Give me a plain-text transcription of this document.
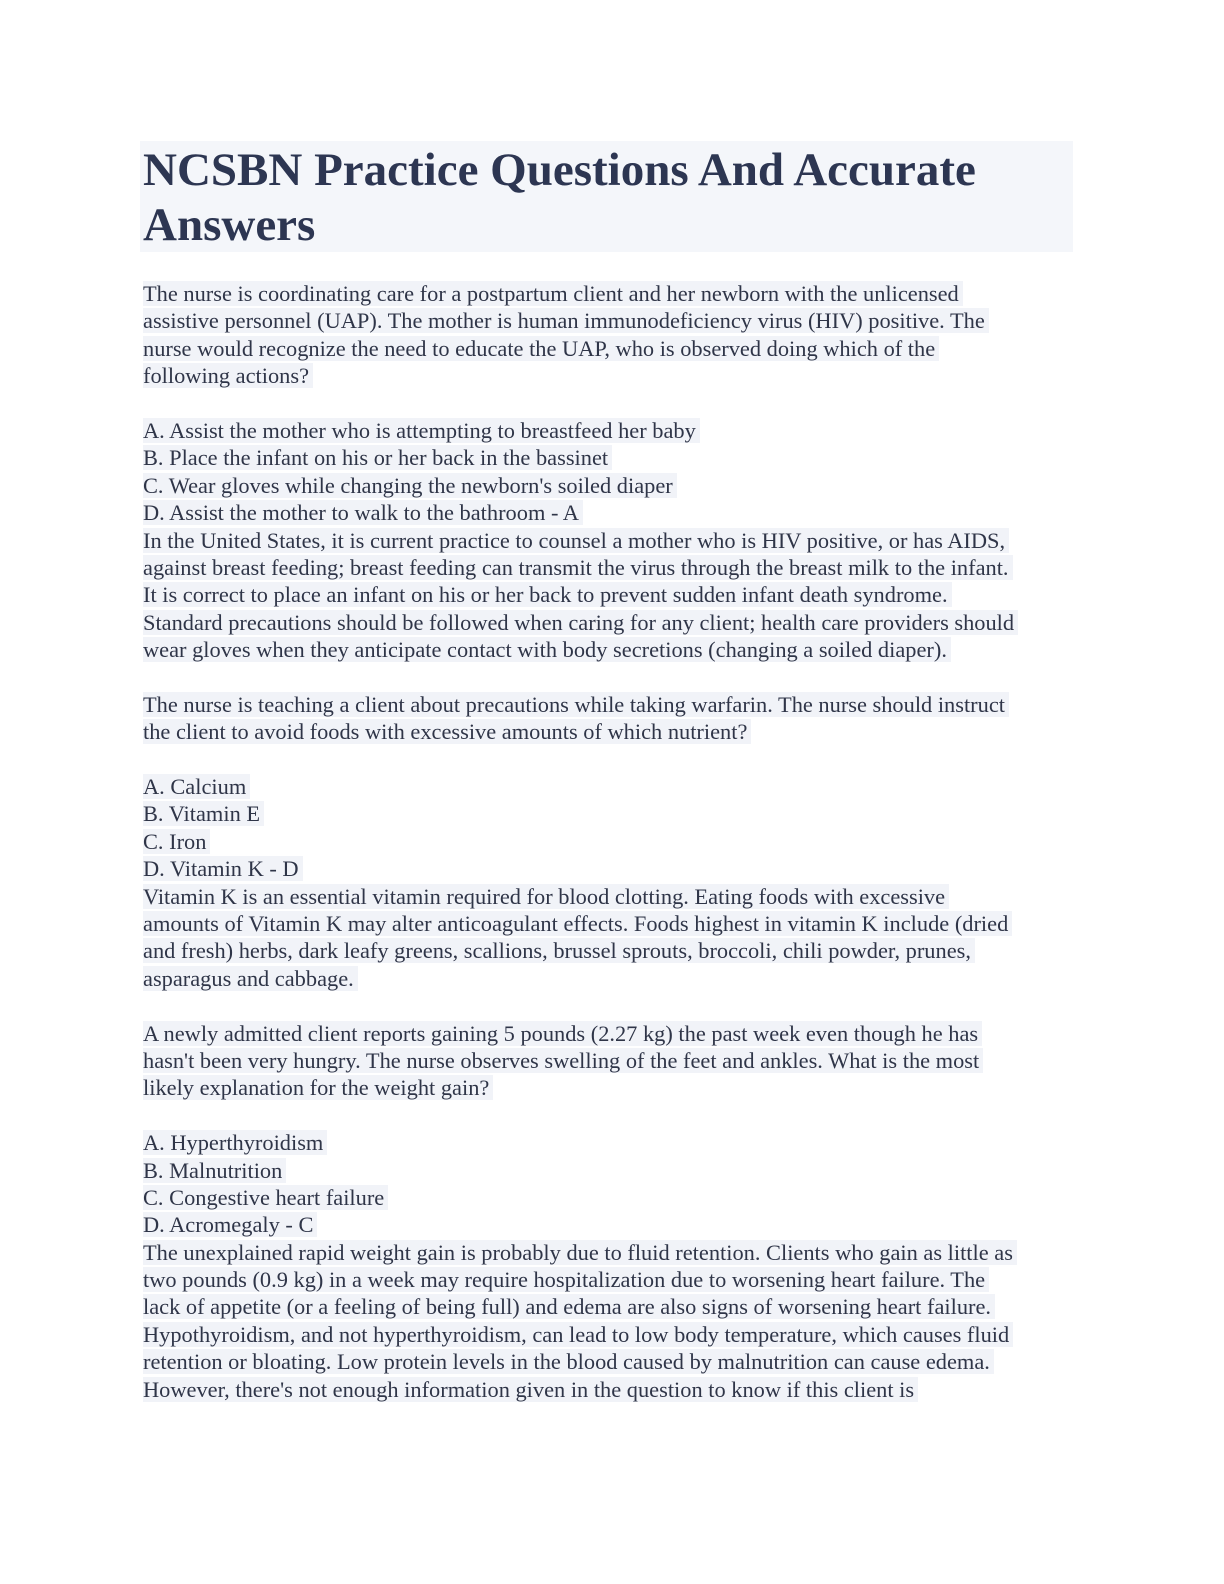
NCSBN Practice Questions And Accurate
Answers
The nurse is coordinating care for a postpartum client and her newborn with the unlicensed
assistive personnel (UAP). The mother is human immunodeficiency virus (HIV) positive. The
nurse would recognize the need to educate the UAP, who is observed doing which of the
following actions?
A. Assist the mother who is attempting to breastfeed her baby
B. Place the infant on his or her back in the bassinet
C. Wear gloves while changing the newborn's soiled diaper
D. Assist the mother to walk to the bathroom - A
In the United States, it is current practice to counsel a mother who is HIV positive, or has AIDS,
against breast feeding; breast feeding can transmit the virus through the breast milk to the infant.
It is correct to place an infant on his or her back to prevent sudden infant death syndrome.
Standard precautions should be followed when caring for any client; health care providers should
wear gloves when they anticipate contact with body secretions (changing a soiled diaper).
The nurse is teaching a client about precautions while taking warfarin. The nurse should instruct
the client to avoid foods with excessive amounts of which nutrient?
A. Calcium
B. Vitamin E
C. Iron
D. Vitamin K - D
Vitamin K is an essential vitamin required for blood clotting. Eating foods with excessive
amounts of Vitamin K may alter anticoagulant effects. Foods highest in vitamin K include (dried
and fresh) herbs, dark leafy greens, scallions, brussel sprouts, broccoli, chili powder, prunes,
asparagus and cabbage.
A newly admitted client reports gaining 5 pounds (2.27 kg) the past week even though he has
hasn't been very hungry. The nurse observes swelling of the feet and ankles. What is the most
likely explanation for the weight gain?
A. Hyperthyroidism
B. Malnutrition
C. Congestive heart failure
D. Acromegaly - C
The unexplained rapid weight gain is probably due to fluid retention. Clients who gain as little as
two pounds (0.9 kg) in a week may require hospitalization due to worsening heart failure. The
lack of appetite (or a feeling of being full) and edema are also signs of worsening heart failure.
Hypothyroidism, and not hyperthyroidism, can lead to low body temperature, which causes fluid
retention or bloating. Low protein levels in the blood caused by malnutrition can cause edema.
However, there's not enough information given in the question to know if this client is
